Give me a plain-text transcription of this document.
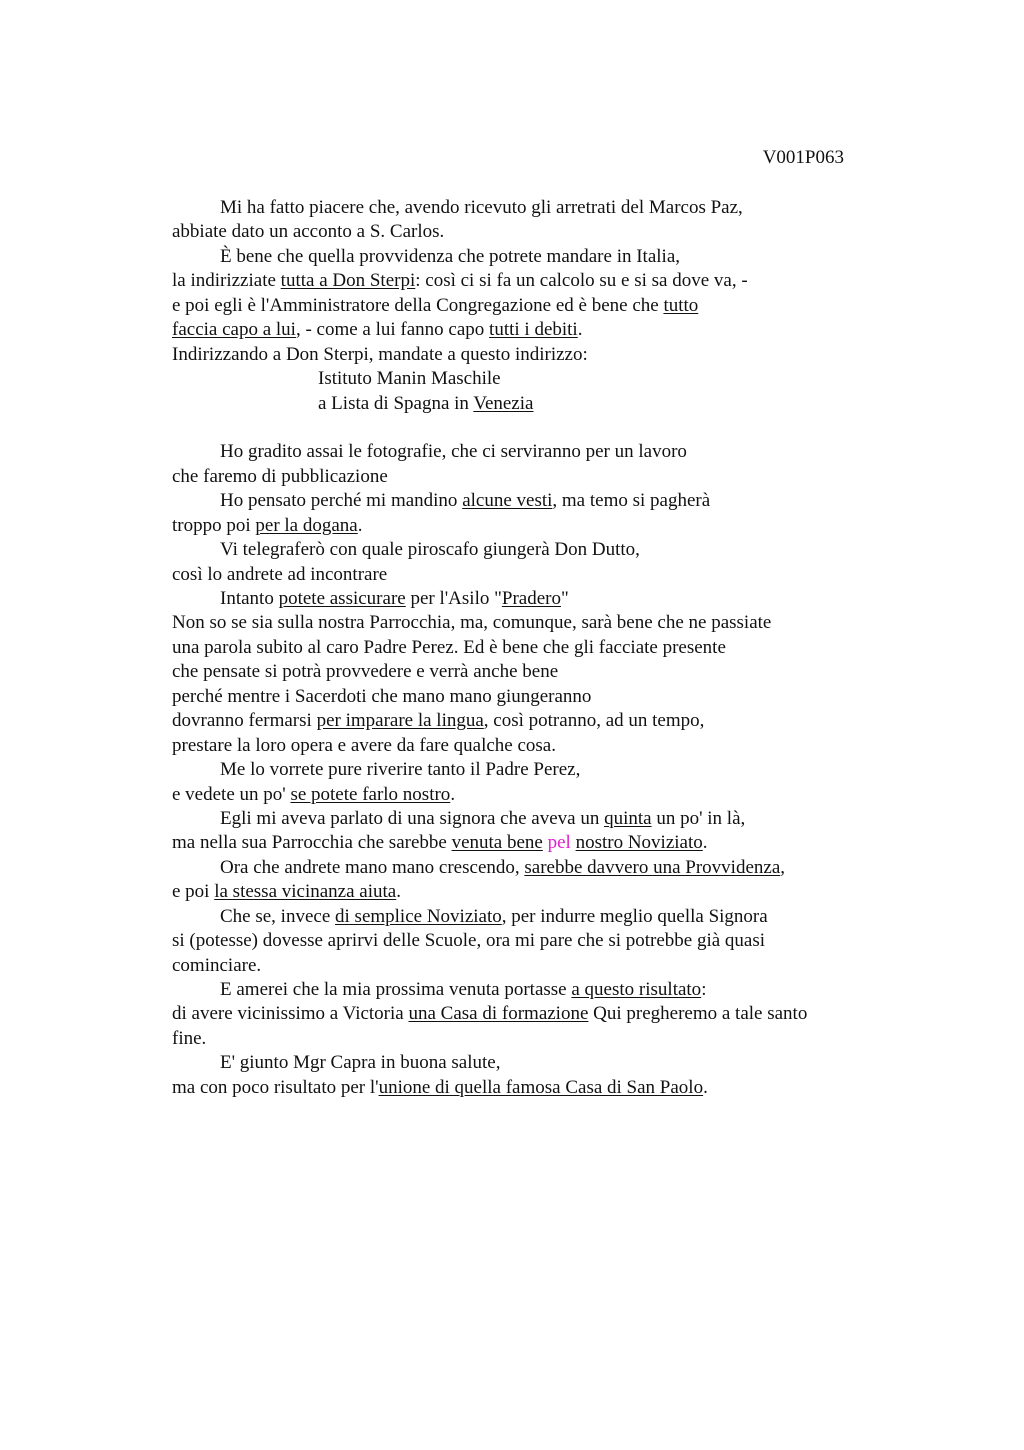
V001P063
Mi ha fatto piacere che, avendo ricevuto gli arretrati del Marcos Paz,
abbiate dato un acconto a S. Carlos.
È bene che quella provvidenza che potrete mandare in Italia,
la indirizziate tutta a Don Sterpi: così ci si fa un calcolo su e si sa dove va, -
e poi egli è l'Amministratore della Congregazione ed è bene che tutto
faccia capo a lui, - come a lui fanno capo tutti i debiti.
Indirizzando a Don Sterpi, mandate a questo indirizzo:
Istituto Manin Maschile
a Lista di Spagna in Venezia
Ho gradito assai le fotografie, che ci serviranno per un lavoro
che faremo di pubblicazione
Ho pensato perché mi mandino alcune vesti, ma temo si pagherà
troppo poi per la dogana.
Vi telegraferò con quale piroscafo giungerà Don Dutto,
così lo andrete ad incontrare
Intanto potete assicurare per l'Asilo "Pradero"
Non so se sia sulla nostra Parrocchia, ma, comunque, sarà bene che ne passiate
una parola subito al caro Padre Perez. Ed è bene che gli facciate presente
che pensate si potrà provvedere e verrà anche bene
perché mentre i Sacerdoti che mano mano giungeranno
dovranno fermarsi per imparare la lingua, così potranno, ad un tempo,
prestare la loro opera e avere da fare qualche cosa.
Me lo vorrete pure riverire tanto il Padre Perez,
e vedete un po' se potete farlo nostro.
Egli mi aveva parlato di una signora che aveva un quinta un po' in là,
ma nella sua Parrocchia che sarebbe venuta bene pel nostro Noviziato.
Ora che andrete mano mano crescendo, sarebbe davvero una Provvidenza,
e poi la stessa vicinanza aiuta.
Che se, invece di semplice Noviziato, per indurre meglio quella Signora
si (potesse) dovesse aprirvi delle Scuole, ora mi pare che si potrebbe già quasi
cominciare.
E amerei che la mia prossima venuta portasse a questo risultato:
di avere vicinissimo a Victoria una Casa di formazione Qui pregheremo a tale santo
fine.
E' giunto Mgr Capra in buona salute,
ma con poco risultato per l'unione di quella famosa Casa di San Paolo.
